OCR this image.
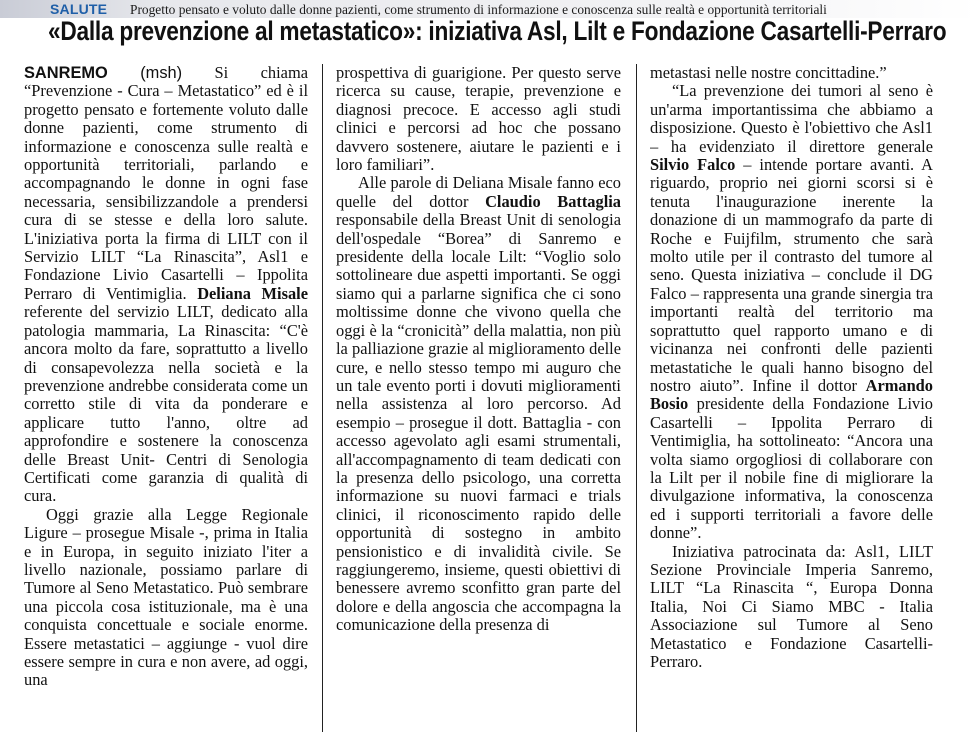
SALUTE Progetto pensato e voluto dalle donne pazienti, come strumento di informazione e conoscenza sulle realtà e opportunità territoriali
«Dalla prevenzione al metastatico»: iniziativa Asl, Lilt e Fondazione Casartelli-Perraro

SANREMO (msh) Si chiama “Prevenzione - Cura – Metastatico” ed è il progetto pensato e fortemente voluto dalle donne pazienti, come strumento di informazione e conoscenza sulle realtà e opportunità territoriali, parlando e accompagnando le donne in ogni fase necessaria, sensibilizzandole a prendersi cura di se stesse e della loro salute. L'iniziativa porta la firma di LILT con il Servizio LILT “La Rinascita”, Asl1 e Fondazione Livio Casartelli – Ippolita Perraro di Ventimiglia. Deliana Misale referente del servizio LILT, dedicato alla patologia mammaria, La Rinascita: “C'è ancora molto da fare, soprattutto a livello di consapevolezza nella società e la prevenzione andrebbe considerata come un corretto stile di vita da ponderare e applicare tutto l'anno, oltre ad approfondire e sostenere la conoscenza delle Breast Unit- Centri di Senologia Certificati come garanzia di qualità di cura.

Oggi grazie alla Legge Regionale Ligure – prosegue Misale -, prima in Italia e in Europa, in seguito iniziato l'iter a livello nazionale, possiamo parlare di Tumore al Seno Metastatico. Può sembrare una piccola cosa istituzionale, ma è una conquista concettuale e sociale enorme. Essere metastatici – aggiunge - vuol dire essere sempre in cura e non avere, ad oggi, una

prospettiva di guarigione. Per questo serve ricerca su cause, terapie, prevenzione e diagnosi precoce. E accesso agli studi clinici e percorsi ad hoc che possano davvero sostenere, aiutare le pazienti e i loro familiari”.

Alle parole di Deliana Misale fanno eco quelle del dottor Claudio Battaglia responsabile della Breast Unit di senologia dell'ospedale “Borea” di Sanremo e presidente della locale Lilt: “Voglio solo sottolineare due aspetti importanti. Se oggi siamo qui a parlarne significa che ci sono moltissime donne che vivono quella che oggi è la “cronicità” della malattia, non più la palliazione grazie al miglioramento delle cure, e nello stesso tempo mi auguro che un tale evento porti i dovuti miglioramenti nella assistenza al loro percorso. Ad esempio – prosegue il dott. Battaglia - con accesso agevolato agli esami strumentali, all'accompagnamento di team dedicati con la presenza dello psicologo, una corretta informazione su nuovi farmaci e trials clinici, il riconoscimento rapido delle opportunità di sostegno in ambito pensionistico e di invalidità civile. Se raggiungeremo, insieme, questi obiettivi di benessere avremo sconfitto gran parte del dolore e della angoscia che accompagna la comunicazione della presenza di

metastasi nelle nostre concittadine.”

“La prevenzione dei tumori al seno è un'arma importantissima che abbiamo a disposizione. Questo è l'obiettivo che Asl1 – ha evidenziato il direttore generale Silvio Falco – intende portare avanti. A riguardo, proprio nei giorni scorsi si è tenuta l'inaugurazione inerente la donazione di un mammografo da parte di Roche e Fuijfilm, strumento che sarà molto utile per il contrasto del tumore al seno. Questa iniziativa – conclude il DG Falco – rappresenta una grande sinergia tra importanti realtà del territorio ma soprattutto quel rapporto umano e di vicinanza nei confronti delle pazienti metastatiche le quali hanno bisogno del nostro aiuto”. Infine il dottor Armando Bosio presidente della Fondazione Livio Casartelli – Ippolita Perraro di Ventimiglia, ha sottolineato: “Ancora una volta siamo orgogliosi di collaborare con la Lilt per il nobile fine di migliorare la divulgazione informativa, la conoscenza ed i supporti territoriali a favore delle donne”.

Iniziativa patrocinata da: Asl1, LILT Sezione Provinciale Imperia Sanremo, LILT “La Rinascita “, Europa Donna Italia, Noi Ci Siamo MBC - Italia Associazione sul Tumore al Seno Metastatico e Fondazione Casartelli-Perraro.
